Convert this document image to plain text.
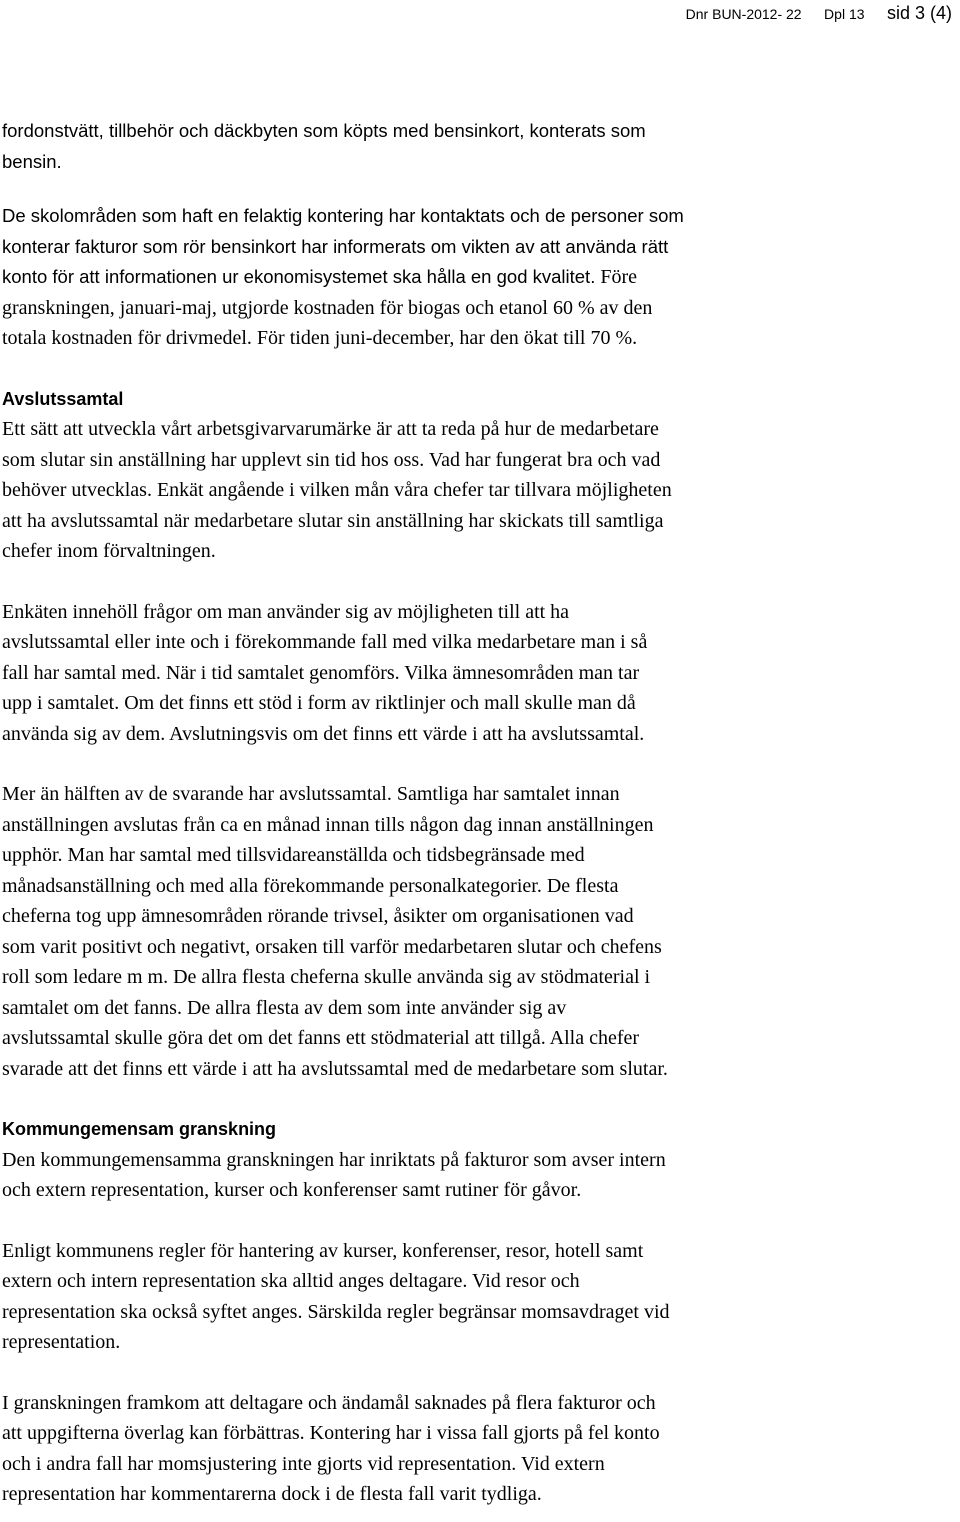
Dnr BUN-2012- 22 Dpl 13 sid 3 (4)

fordonstvätt, tillbehör och däckbyten som köpts med bensinkort, konterats som
bensin.

De skolområden som haft en felaktig kontering har kontaktats och de personer som
konterar fakturor som rör bensinkort har informerats om vikten av att använda rätt
konto för att informationen ur ekonomisystemet ska hålla en god kvalitet. Före
granskningen, januari-maj, utgjorde kostnaden för biogas och etanol 60 % av den
totala kostnaden för drivmedel. För tiden juni-december, har den ökat till 70 %.

Avslutssamtal

Ett sätt att utveckla vårt arbetsgivarvarumärke är att ta reda på hur de medarbetare
som slutar sin anställning har upplevt sin tid hos oss. Vad har fungerat bra och vad
behöver utvecklas. Enkät angående i vilken mån våra chefer tar tillvara möjligheten
att ha avslutssamtal när medarbetare slutar sin anställning har skickats till samtliga
chefer inom förvaltningen.

Enkäten innehöll frågor om man använder sig av möjligheten till att ha
avslutssamtal eller inte och i förekommande fall med vilka medarbetare man i så
fall har samtal med. När i tid samtalet genomförs. Vilka ämnesområden man tar
upp i samtalet. Om det finns ett stöd i form av riktlinjer och mall skulle man då
använda sig av dem. Avslutningsvis om det finns ett värde i att ha avslutssamtal.

Mer än hälften av de svarande har avslutssamtal. Samtliga har samtalet innan
anställningen avslutas från ca en månad innan tills någon dag innan anställningen
upphör. Man har samtal med tillsvidareanställda och tidsbegränsade med
månadsanställning och med alla förekommande personalkategorier. De flesta
cheferna tog upp ämnesområden rörande trivsel, åsikter om organisationen vad
som varit positivt och negativt, orsaken till varför medarbetaren slutar och chefens
roll som ledare m m. De allra flesta cheferna skulle använda sig av stödmaterial i
samtalet om det fanns. De allra flesta av dem som inte använder sig av
avslutssamtal skulle göra det om det fanns ett stödmaterial att tillgå. Alla chefer
svarade att det finns ett värde i att ha avslutssamtal med de medarbetare som slutar.

Kommungemensam granskning

Den kommungemensamma granskningen har inriktats på fakturor som avser intern
och extern representation, kurser och konferenser samt rutiner för gåvor.

Enligt kommunens regler för hantering av kurser, konferenser, resor, hotell samt
extern och intern representation ska alltid anges deltagare. Vid resor och
representation ska också syftet anges. Särskilda regler begränsar momsavdraget vid
representation.

I granskningen framkom att deltagare och ändamål saknades på flera fakturor och
att uppgifterna överlag kan förbättras. Kontering har i vissa fall gjorts på fel konto
och i andra fall har momsjustering inte gjorts vid representation. Vid extern
representation har kommentarerna dock i de flesta fall varit tydliga.
